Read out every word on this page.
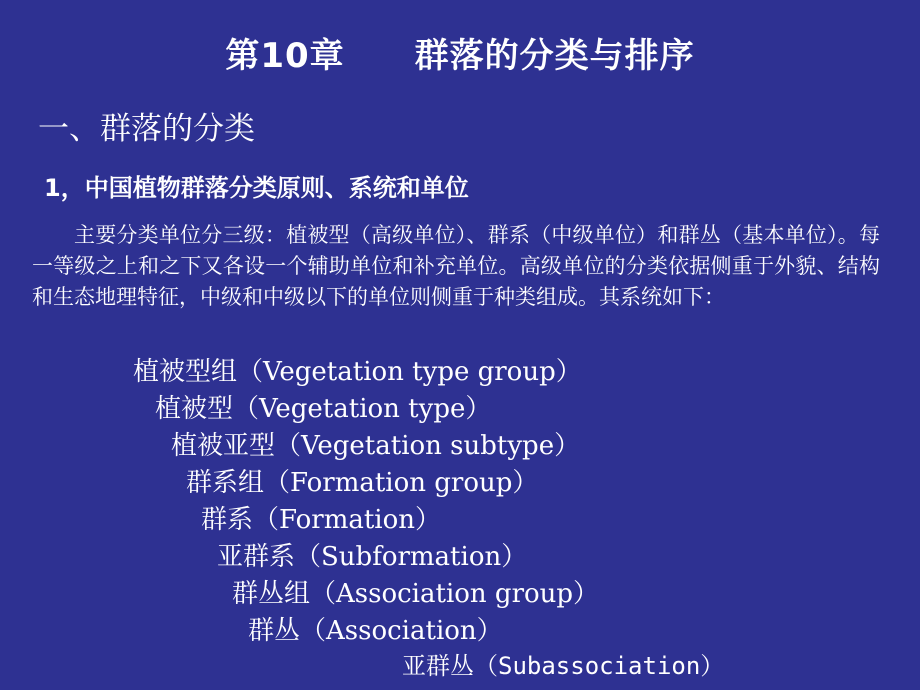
第10章　　群落的分类与排序
一、群落的分类
1，中国植物群落分类原则、系统和单位

主要分类单位分三级：植被型（高级单位）、群系（中级单位）和群丛（基本单位）。每一等级之上和之下又各设一个辅助单位和补充单位。高级单位的分类依据侧重于外貌、结构和生态地理特征，中级和中级以下的单位则侧重于种类组成。其系统如下：

植被型组（Vegetation type group）
植被型（Vegetation type）
植被亚型（Vegetation subtype）
群系组（Formation group）
群系（Formation）
亚群系（Subformation）
群丛组（Association group）
群丛（Association）
亚群丛（Subassociation）
